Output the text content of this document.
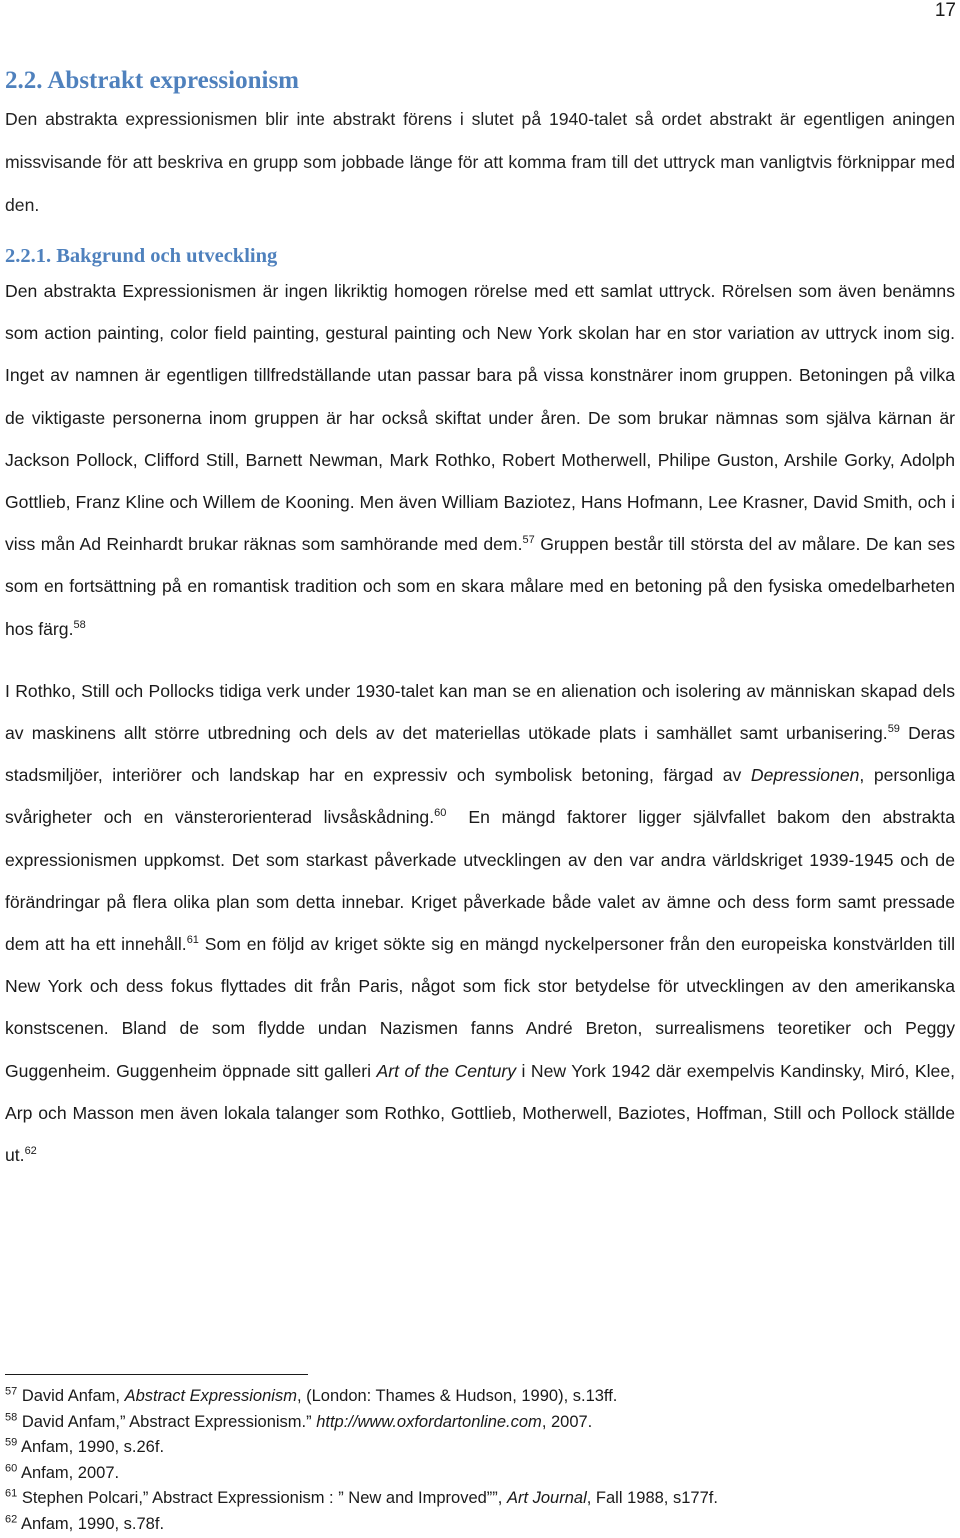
17
2.2. Abstrakt expressionism

Den abstrakta expressionismen blir inte abstrakt förens i slutet på 1940-talet så ordet abstrakt är egentligen aningen missvisande för att beskriva en grupp som jobbade länge för att komma fram till det uttryck man vanligtvis förknippar med den.

2.2.1. Bakgrund och utveckling

Den abstrakta Expressionismen är ingen likriktig homogen rörelse med ett samlat uttryck. Rörelsen som även benämns som action painting, color field painting, gestural painting och New York skolan har en stor variation av uttryck inom sig. Inget av namnen är egentligen tillfredställande utan passar bara på vissa konstnärer inom gruppen. Betoningen på vilka de viktigaste personerna inom gruppen är har också skiftat under åren. De som brukar nämnas som själva kärnan är Jackson Pollock, Clifford Still, Barnett Newman, Mark Rothko, Robert Motherwell, Philipe Guston, Arshile Gorky, Adolph Gottlieb, Franz Kline och Willem de Kooning. Men även William Baziotez, Hans Hofmann, Lee Krasner, David Smith, och i viss mån Ad Reinhardt brukar räknas som samhörande med dem.$^{57}$ Gruppen består till största del av målare. De kan ses som en fortsättning på en romantisk tradition och som en skara målare med en betoning på den fysiska omedelbarheten hos färg.$^{58}$

I Rothko, Still och Pollocks tidiga verk under 1930-talet kan man se en alienation och isolering av människan skapad dels av maskinens allt större utbredning och dels av det materiellas utökade plats i samhället samt urbanisering.$^{59}$ Deras stadsmiljöer, interiörer och landskap har en expressiv och symbolisk betoning, färgad av Depressionen, personliga svårigheter och en vänsterorienterad livsåskådning.$^{60}$ En mängd faktorer ligger självfallet bakom den abstrakta expressionismen uppkomst. Det som starkast påverkade utvecklingen av den var andra världskriget 1939-1945 och de förändringar på flera olika plan som detta innebar. Kriget påverkade både valet av ämne och dess form samt pressade dem att ha ett innehåll.$^{61}$ Som en följd av kriget sökte sig en mängd nyckelpersoner från den europeiska konstvärlden till New York och dess fokus flyttades dit från Paris, något som fick stor betydelse för utvecklingen av den amerikanska konstscenen. Bland de som flydde undan Nazismen fanns André Breton, surrealismens teoretiker och Peggy Guggenheim. Guggenheim öppnade sitt galleri Art of the Century i New York 1942 där exempelvis Kandinsky, Miró, Klee, Arp och Masson men även lokala talanger som Rothko, Gottlieb, Motherwell, Baziotes, Hoffman, Still och Pollock ställde ut.$^{62}$

$^{57}$ David Anfam, Abstract Expressionism, (London: Thames & Hudson, 1990), s.13ff.
$^{58}$ David Anfam,” Abstract Expressionism.” http://www.oxfordartonline.com, 2007.
$^{59}$ Anfam, 1990, s.26f.
$^{60}$ Anfam, 2007.
$^{61}$ Stephen Polcari,” Abstract Expressionism : ” New and Improved””, Art Journal, Fall 1988, s177f.
$^{62}$ Anfam, 1990, s.78f.
